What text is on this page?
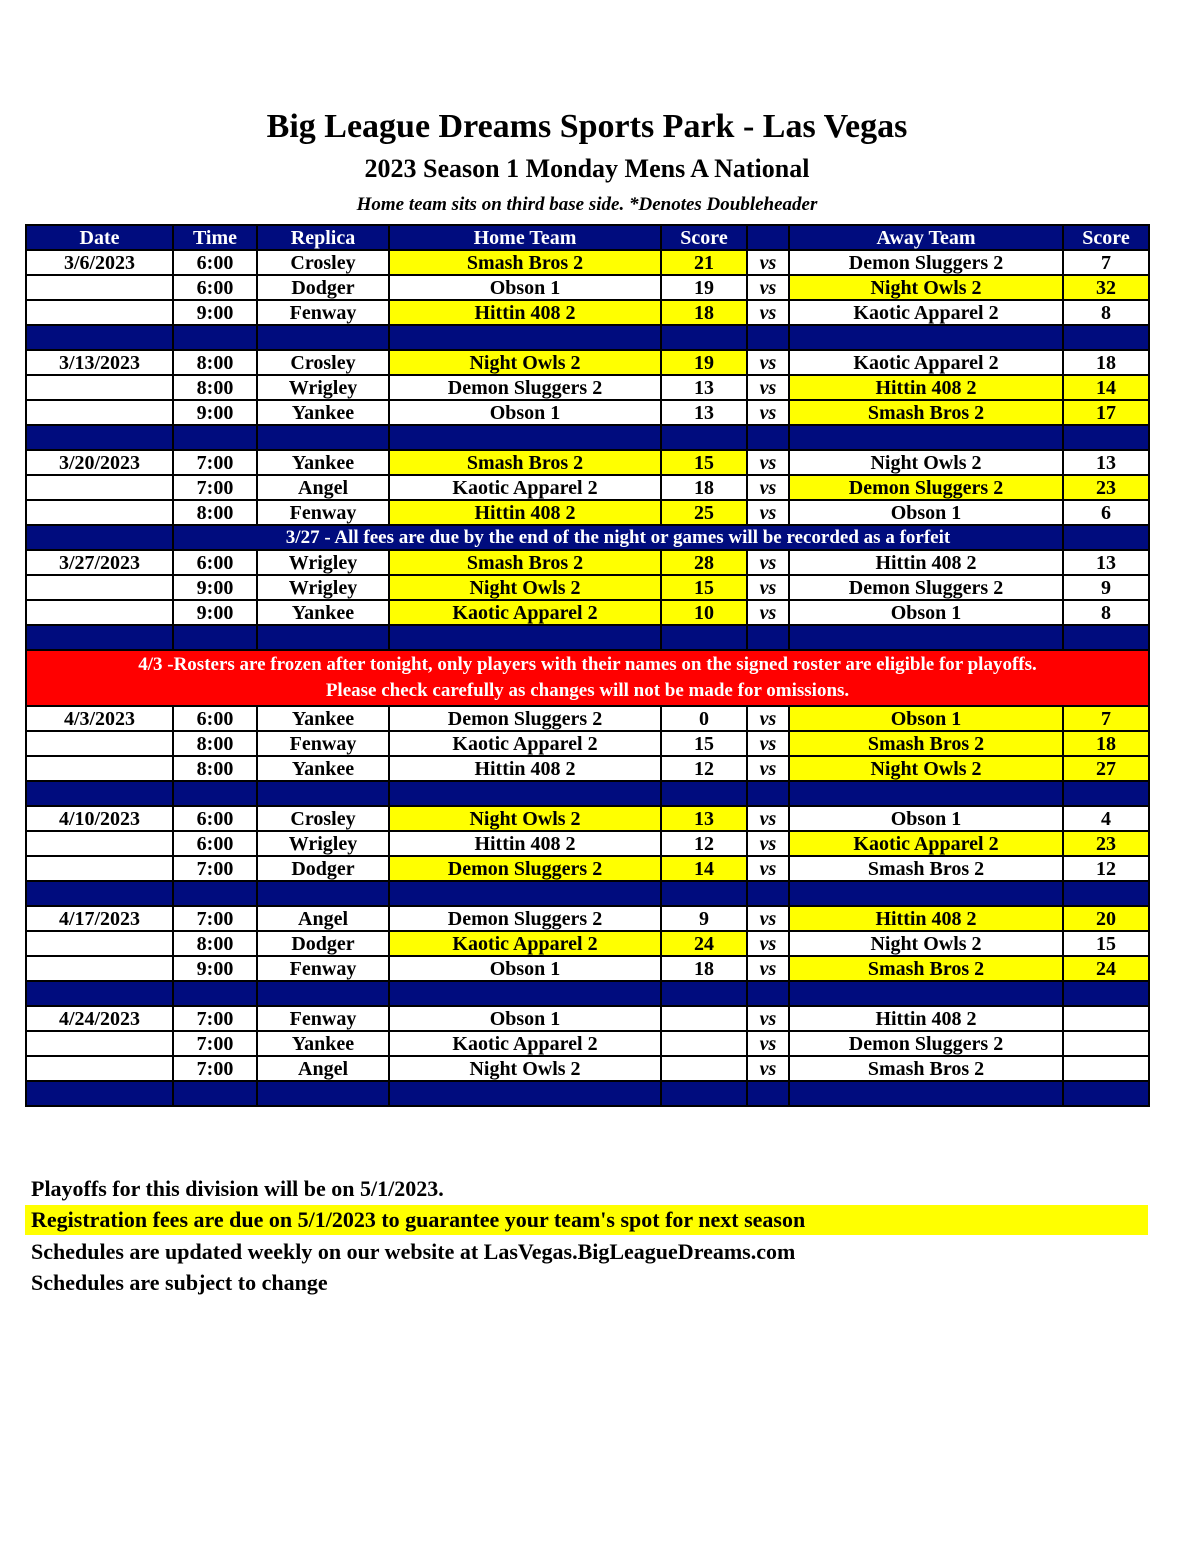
Big League Dreams Sports Park - Las Vegas
2023 Season 1 Monday Mens A National
Home team sits on third base side. *Denotes Doubleheader
Date	Time	Replica	Home Team	Score		Away Team	Score
3/6/2023	6:00	Crosley	Smash Bros 2	21	vs	Demon Sluggers 2	7
	6:00	Dodger	Obson 1	19	vs	Night Owls 2	32
	9:00	Fenway	Hittin 408 2	18	vs	Kaotic Apparel 2	8

3/13/2023	8:00	Crosley	Night Owls 2	19	vs	Kaotic Apparel 2	18
	8:00	Wrigley	Demon Sluggers 2	13	vs	Hittin 408 2	14
	9:00	Yankee	Obson 1	13	vs	Smash Bros 2	17

3/20/2023	7:00	Yankee	Smash Bros 2	15	vs	Night Owls 2	13
	7:00	Angel	Kaotic Apparel 2	18	vs	Demon Sluggers 2	23
	8:00	Fenway	Hittin 408 2	25	vs	Obson 1	6
	3/27 - All fees are due by the end of the night or games will be recorded as a forfeit						
3/27/2023	6:00	Wrigley	Smash Bros 2	28	vs	Hittin 408 2	13
	9:00	Wrigley	Night Owls 2	15	vs	Demon Sluggers 2	9
	9:00	Yankee	Kaotic Apparel 2	10	vs	Obson 1	8

4/3 -Rosters are frozen after tonight, only players with their names on the signed roster are eligible for playoffs.
Please check carefully as changes will not be made for omissions.							

4/3/2023	6:00	Yankee	Demon Sluggers 2	0	vs	Obson 1	7
	8:00	Fenway	Kaotic Apparel 2	15	vs	Smash Bros 2	18
	8:00	Yankee	Hittin 408 2	12	vs	Night Owls 2	27

4/10/2023	6:00	Crosley	Night Owls 2	13	vs	Obson 1	4
	6:00	Wrigley	Hittin 408 2	12	vs	Kaotic Apparel 2	23
	7:00	Dodger	Demon Sluggers 2	14	vs	Smash Bros 2	12

4/17/2023	7:00	Angel	Demon Sluggers 2	9	vs	Hittin 408 2	20
	8:00	Dodger	Kaotic Apparel 2	24	vs	Night Owls 2	15
	9:00	Fenway	Obson 1	18	vs	Smash Bros 2	24

4/24/2023	7:00	Fenway	Obson 1		vs	Hittin 408 2	
	7:00	Yankee	Kaotic Apparel 2		vs	Demon Sluggers 2	
	7:00	Angel	Night Owls 2		vs	Smash Bros 2	

Playoffs for this division will be on 5/1/2023.
Registration fees are due on 5/1/2023 to guarantee your team's spot for next season
Schedules are updated weekly on our website at LasVegas.BigLeagueDreams.com
Schedules are subject to change
